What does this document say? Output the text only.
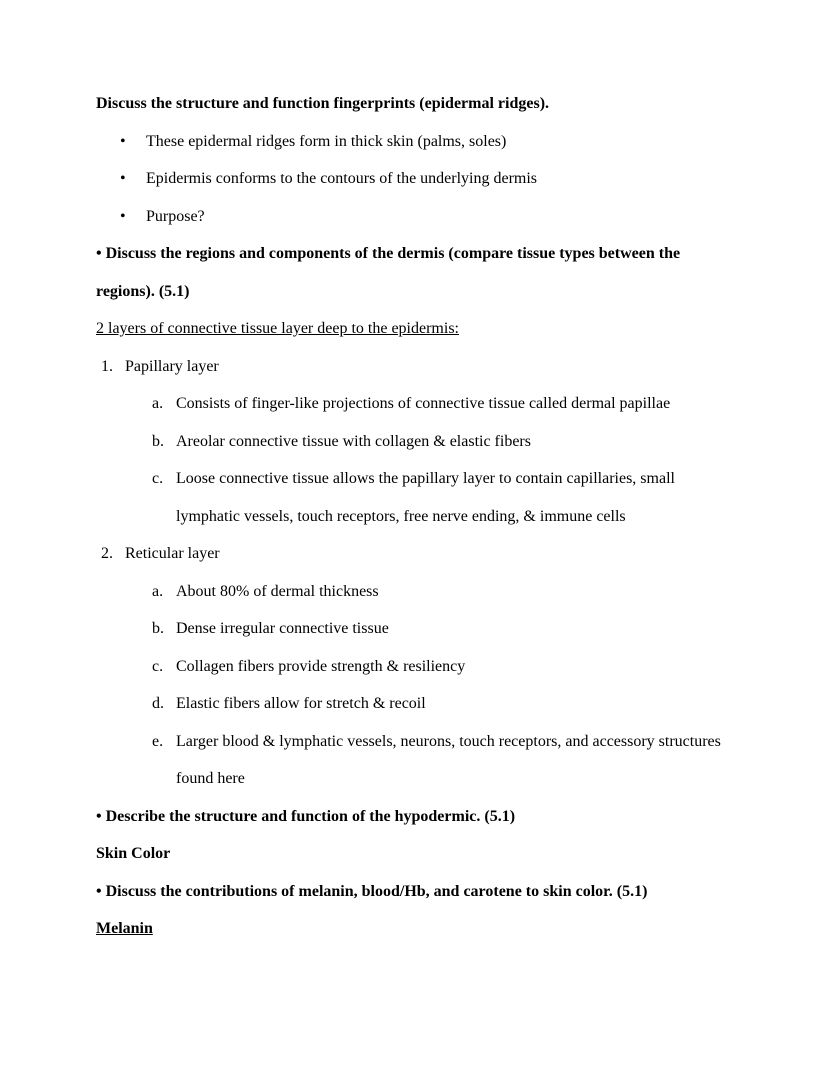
Discuss the structure and function fingerprints (epidermal ridges).
•	These epidermal ridges form in thick skin (palms, soles)
•	Epidermis conforms to the contours of the underlying dermis
•	Purpose?
• Discuss the regions and components of the dermis (compare tissue types between the regions). (5.1)
2 layers of connective tissue layer deep to the epidermis:
1. Papillary layer
a. Consists of finger-like projections of connective tissue called dermal papillae
b. Areolar connective tissue with collagen & elastic fibers
c. Loose connective tissue allows the papillary layer to contain capillaries, small lymphatic vessels, touch receptors, free nerve ending, & immune cells
2. Reticular layer
a. About 80% of dermal thickness
b. Dense irregular connective tissue
c. Collagen fibers provide strength & resiliency
d. Elastic fibers allow for stretch & recoil
e. Larger blood & lymphatic vessels, neurons, touch receptors, and accessory structures found here
• Describe the structure and function of the hypodermic. (5.1)
Skin Color
• Discuss the contributions of melanin, blood/Hb, and carotene to skin color. (5.1)
Melanin
